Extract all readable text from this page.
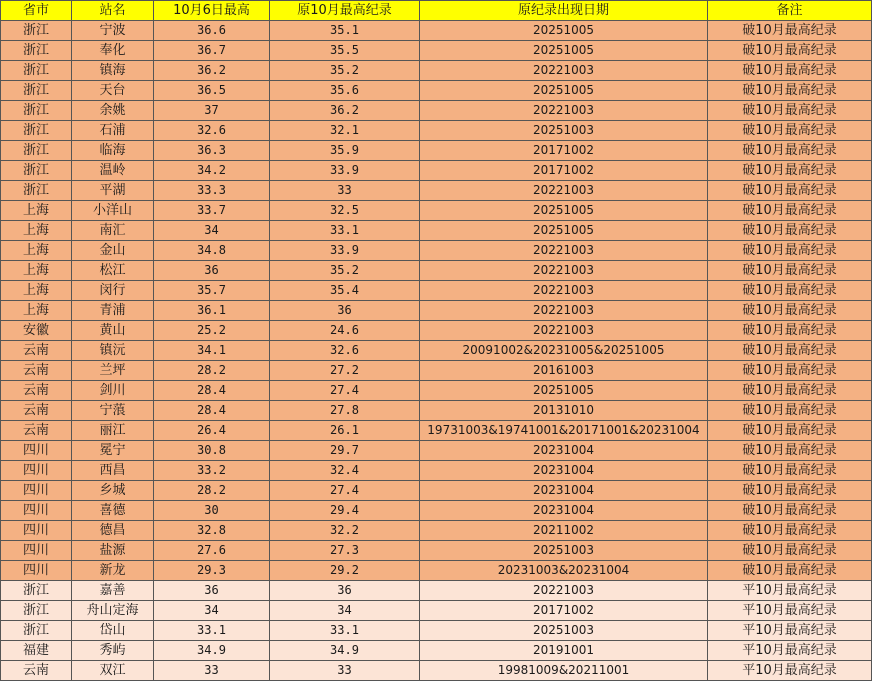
省市	站名	10月6日最高	原10月最高纪录	原纪录出现日期	备注
浙江	宁波	36.6	35.1	20251005	破10月最高纪录
浙江	奉化	36.7	35.5	20251005	破10月最高纪录
浙江	镇海	36.2	35.2	20221003	破10月最高纪录
浙江	天台	36.5	35.6	20251005	破10月最高纪录
浙江	余姚	37	36.2	20221003	破10月最高纪录
浙江	石浦	32.6	32.1	20251003	破10月最高纪录
浙江	临海	36.3	35.9	20171002	破10月最高纪录
浙江	温岭	34.2	33.9	20171002	破10月最高纪录
浙江	平湖	33.3	33	20221003	破10月最高纪录
上海	小洋山	33.7	32.5	20251005	破10月最高纪录
上海	南汇	34	33.1	20251005	破10月最高纪录
上海	金山	34.8	33.9	20221003	破10月最高纪录
上海	松江	36	35.2	20221003	破10月最高纪录
上海	闵行	35.7	35.4	20221003	破10月最高纪录
上海	青浦	36.1	36	20221003	破10月最高纪录
安徽	黄山	25.2	24.6	20221003	破10月最高纪录
云南	镇沅	34.1	32.6	20091002&20231005&20251005	破10月最高纪录
云南	兰坪	28.2	27.2	20161003	破10月最高纪录
云南	剑川	28.4	27.4	20251005	破10月最高纪录
云南	宁蒗	28.4	27.8	20131010	破10月最高纪录
云南	丽江	26.4	26.1	19731003&19741001&20171001&20231004	破10月最高纪录
四川	冕宁	30.8	29.7	20231004	破10月最高纪录
四川	西昌	33.2	32.4	20231004	破10月最高纪录
四川	乡城	28.2	27.4	20231004	破10月最高纪录
四川	喜德	30	29.4	20231004	破10月最高纪录
四川	德昌	32.8	32.2	20211002	破10月最高纪录
四川	盐源	27.6	27.3	20251003	破10月最高纪录
四川	新龙	29.3	29.2	20231003&20231004	破10月最高纪录
浙江	嘉善	36	36	20221003	平10月最高纪录
浙江	舟山定海	34	34	20171002	平10月最高纪录
浙江	岱山	33.1	33.1	20251003	平10月最高纪录
福建	秀屿	34.9	34.9	20191001	平10月最高纪录
云南	双江	33	33	19981009&20211001	平10月最高纪录
